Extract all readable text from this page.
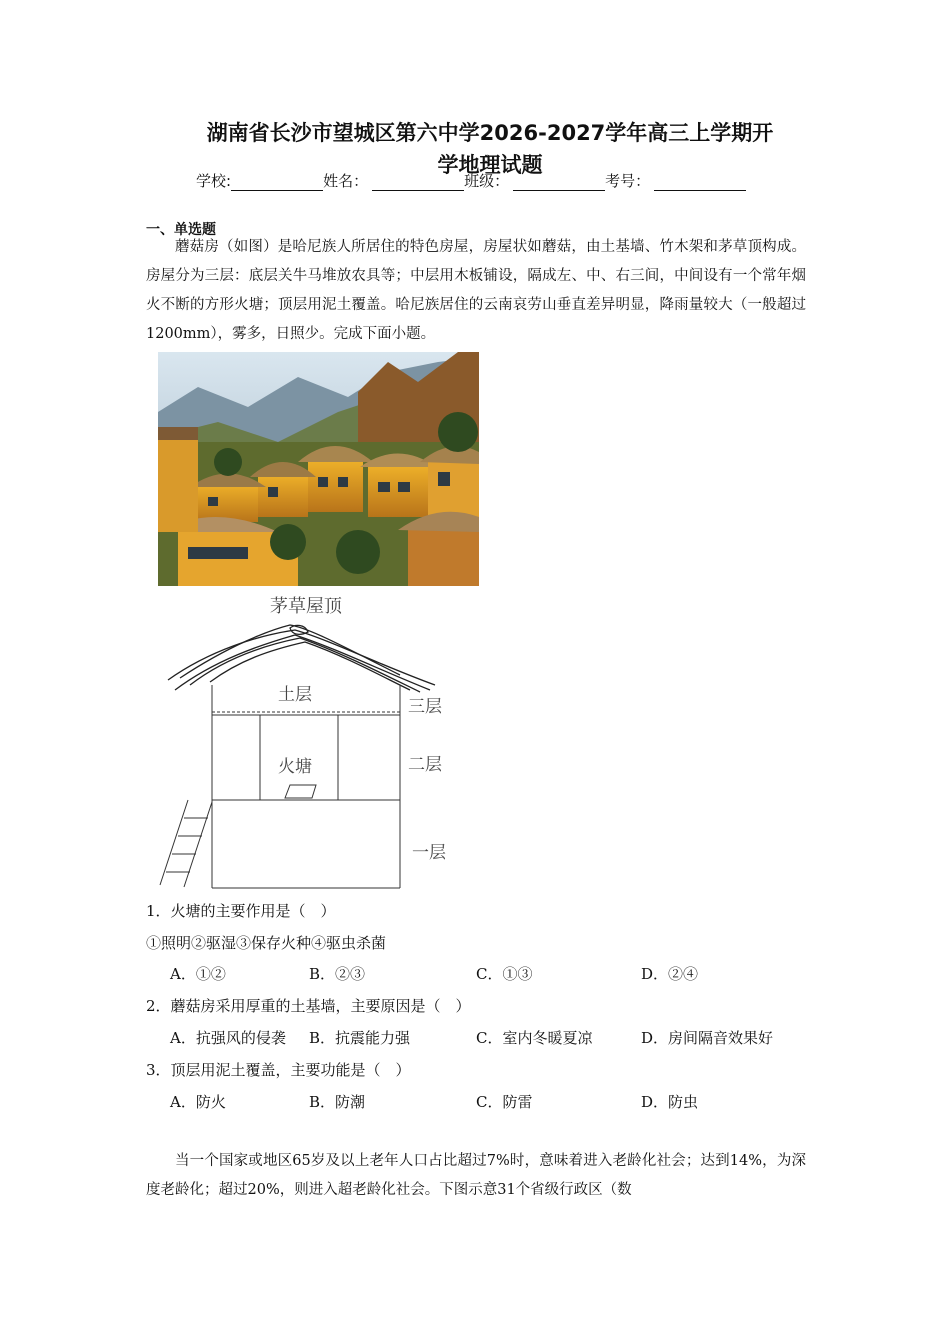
湖南省长沙市望城区第六中学2026-2027学年高三上学期开
学地理试题
学校:	姓名：	班级：	考号：
一、单选题

蘑菇房（如图）是哈尼族人所居住的特色房屋，房屋状如蘑菇，由土基墙、竹木架和茅草顶构成。房屋分为三层：底层关牛马堆放农具等；中层用木板铺设，隔成左、中、右三间，中间设有一个常年烟火不断的方形火塘；顶层用泥土覆盖。哈尼族居住的云南哀劳山垂直差异明显，降雨量较大（一般超过1200mm），雾多，日照少。完成下面小题。

茅草屋顶
土层
火塘
三层
二层
一层
1．火塘的主要作用是（　）
①照明②驱湿③保存火种④驱虫杀菌
A．①②	B．②③	C．①③	D．②④
2．蘑菇房采用厚重的土基墙，主要原因是（　）
A．抗强风的侵袭 B．抗震能力强	C．室内冬暖夏凉	D．房间隔音效果好
3．顶层用泥土覆盖，主要功能是（　）
A．防火	B．防潮	C．防雷	D．防虫

当一个国家或地区65岁及以上老年人口占比超过7%时，意味着进入老龄化社会；达到14%，为深度老龄化；超过20%，则进入超老龄化社会。下图示意31个省级行政区（数
